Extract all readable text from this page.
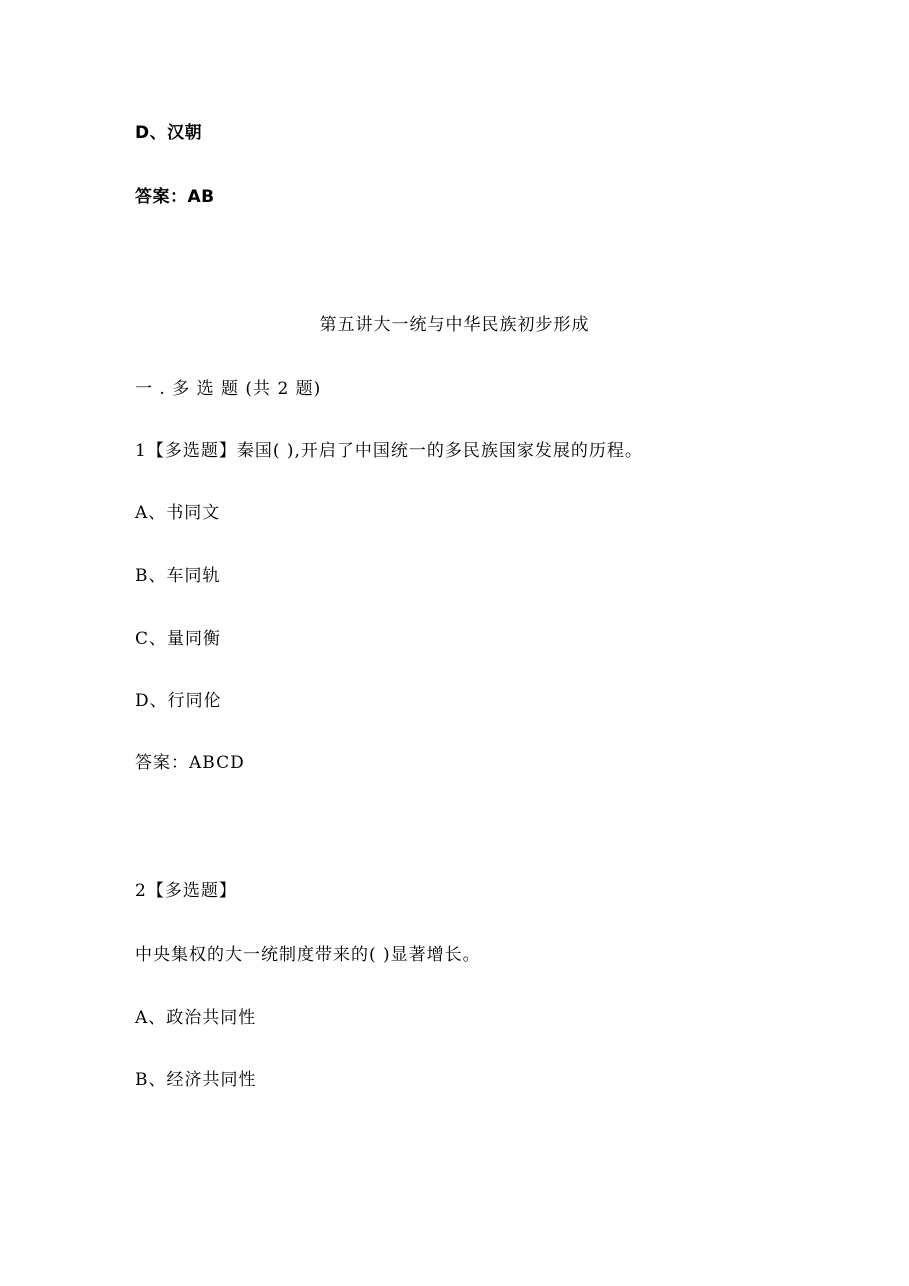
D、汉朝
答案：AB
第五讲大一统与中华民族初步形成
一 . 多 选 题 (共 2 题)
1【多选题】秦国( ),开启了中国统一的多民族国家发展的历程。
A、书同文
B、车同轨
C、量同衡
D、行同伦
答案：ABCD
2【多选题】
中央集权的大一统制度带来的( )显著增长。
A、政治共同性
B、经济共同性
